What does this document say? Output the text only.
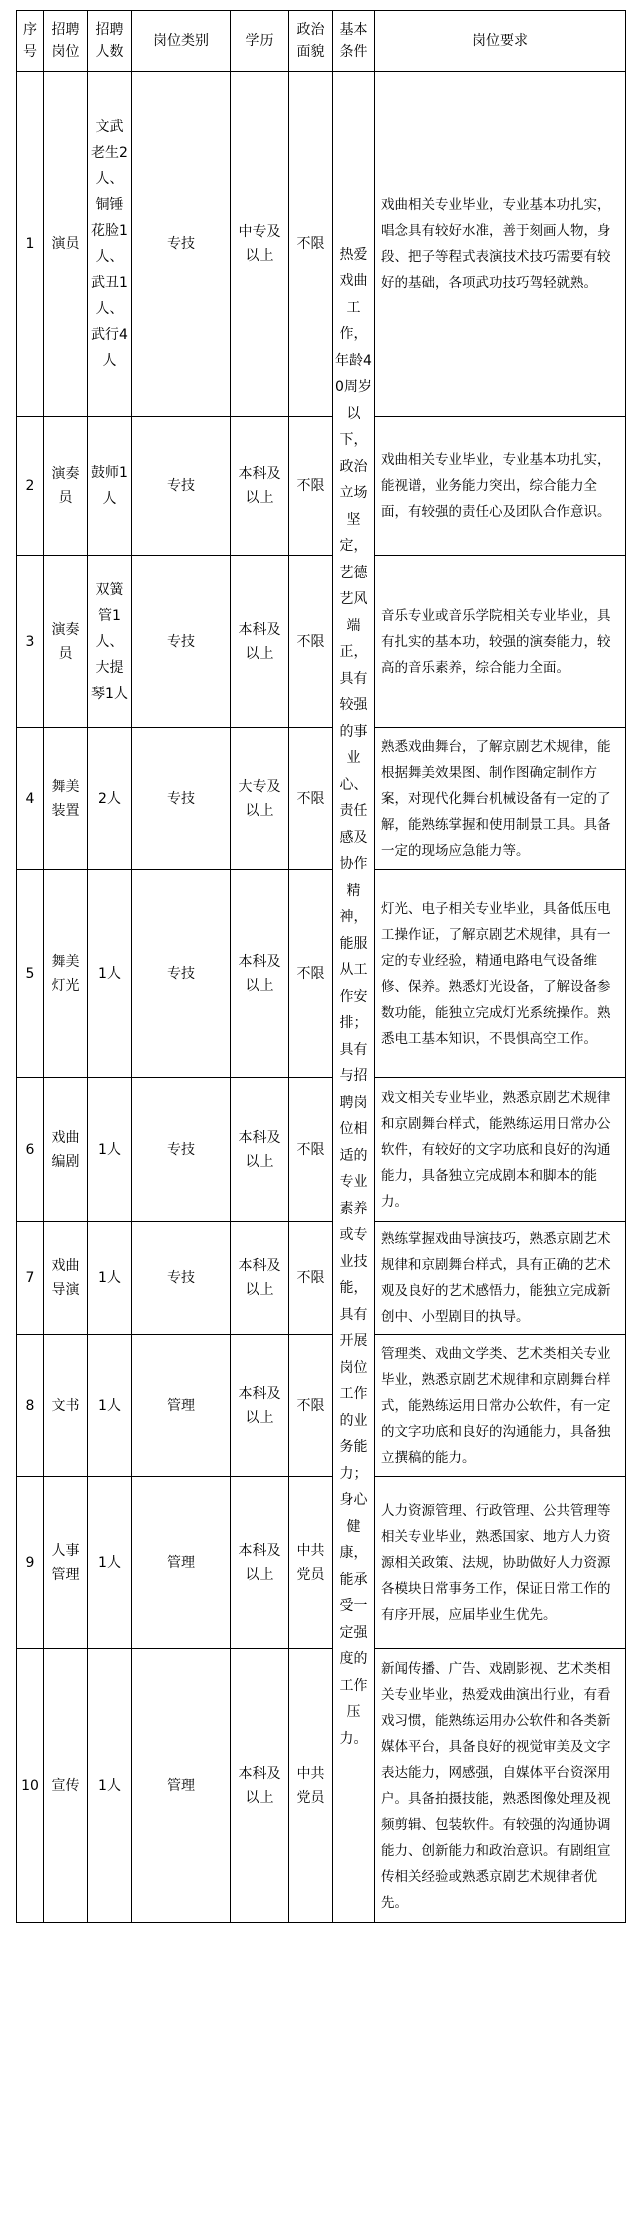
序号	招聘岗位	招聘人数	岗位类别	学历	政治面貌	基本条件	岗位要求
1	演员	文武老生2人、铜锤花脸1人、武丑1人、武行4人	专技	中专及以上	不限	热爱戏曲工作，年龄40周岁以下，政治立场坚定，艺德艺风端正，具有较强的事业心、责任感及协作精神，能服从工作安排；具有与招聘岗位相适的专业素养或专业技能，具有开展岗位工作的业务能力；身心健康，能承受一定强度的工作压力。	戏曲相关专业毕业，专业基本功扎实，唱念具有较好水准，善于刻画人物，身段、把子等程式表演技术技巧需要有较好的基础，各项武功技巧驾轻就熟。
2	演奏员	鼓师1人	专技	本科及以上	不限		戏曲相关专业毕业，专业基本功扎实，能视谱，业务能力突出，综合能力全面，有较强的责任心及团队合作意识。
3	演奏员	双簧管1人、大提琴1人	专技	本科及以上	不限		音乐专业或音乐学院相关专业毕业，具有扎实的基本功，较强的演奏能力，较高的音乐素养，综合能力全面。
4	舞美装置	2人	专技	大专及以上	不限		熟悉戏曲舞台，了解京剧艺术规律，能根据舞美效果图、制作图确定制作方案，对现代化舞台机械设备有一定的了解，能熟练掌握和使用制景工具。具备一定的现场应急能力等。
5	舞美灯光	1人	专技	本科及以上	不限		灯光、电子相关专业毕业，具备低压电工操作证，了解京剧艺术规律，具有一定的专业经验，精通电路电气设备维修、保养。熟悉灯光设备，了解设备参数功能，能独立完成灯光系统操作。熟悉电工基本知识，不畏惧高空工作。
6	戏曲编剧	1人	专技	本科及以上	不限		戏文相关专业毕业，熟悉京剧艺术规律和京剧舞台样式，能熟练运用日常办公软件，有较好的文字功底和良好的沟通能力，具备独立完成剧本和脚本的能力。
7	戏曲导演	1人	专技	本科及以上	不限		熟练掌握戏曲导演技巧，熟悉京剧艺术规律和京剧舞台样式，具有正确的艺术观及良好的艺术感悟力，能独立完成新创中、小型剧目的执导。
8	文书	1人	管理	本科及以上	不限		管理类、戏曲文学类、艺术类相关专业毕业，熟悉京剧艺术规律和京剧舞台样式，能熟练运用日常办公软件，有一定的文字功底和良好的沟通能力，具备独立撰稿的能力。
9	人事管理	1人	管理	本科及以上	中共党员		人力资源管理、行政管理、公共管理等相关专业毕业，熟悉国家、地方人力资源相关政策、法规，协助做好人力资源各模块日常事务工作，保证日常工作的有序开展，应届毕业生优先。
10	宣传	1人	管理	本科及以上	中共党员		新闻传播、广告、戏剧影视、艺术类相关专业毕业，热爱戏曲演出行业，有看戏习惯，能熟练运用办公软件和各类新媒体平台，具备良好的视觉审美及文字表达能力，网感强，自媒体平台资深用户。具备拍摄技能，熟悉图像处理及视频剪辑、包装软件。有较强的沟通协调能力、创新能力和政治意识。有剧组宣传相关经验或熟悉京剧艺术规律者优先。
